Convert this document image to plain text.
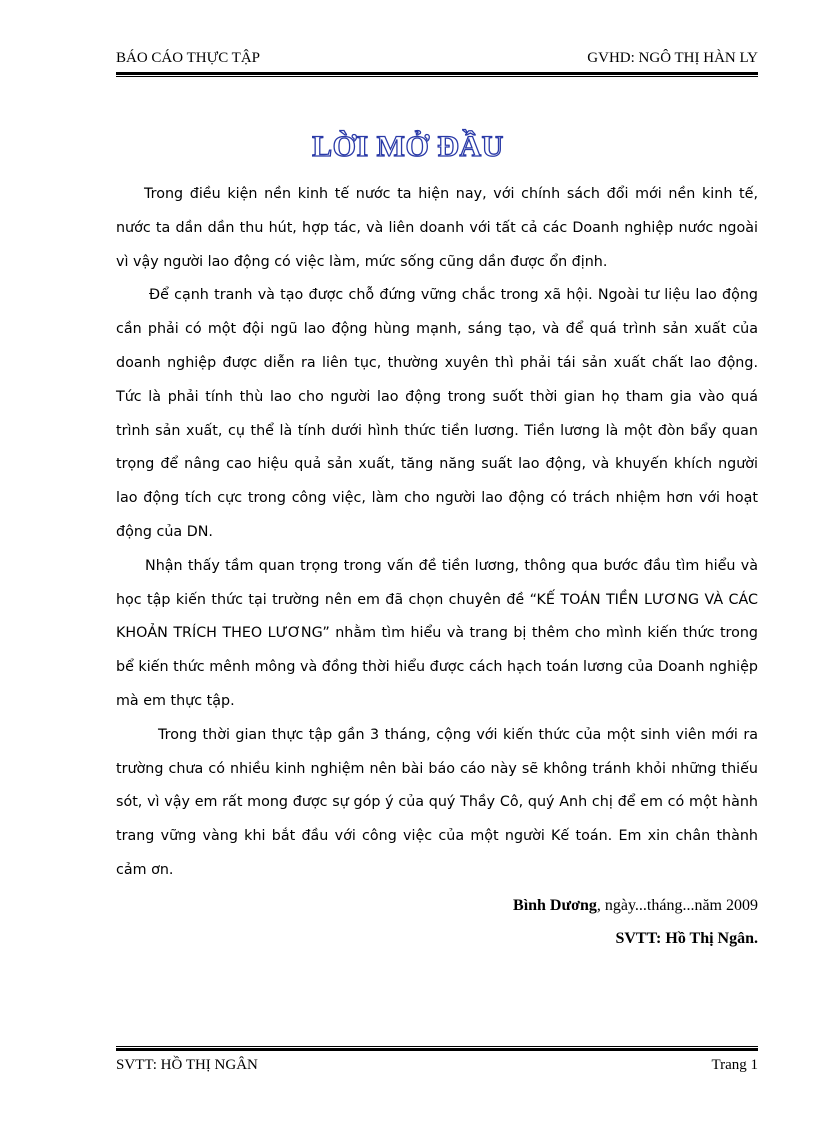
BÁO CÁO THỰC TẬP	GVHD: NGÔ THỊ HÀN LY
LỜI MỞ ĐẦU

Trong điều kiện nền kinh tế nước ta hiện nay, với chính sách đổi mới nền kinh tế, nước ta dần dần thu hút, hợp tác, và liên doanh với tất cả các Doanh nghiệp nước ngoài vì vậy người lao động có việc làm, mức sống cũng dần được ổn định.

Để cạnh tranh và tạo được chỗ đứng vững chắc trong xã hội. Ngoài tư liệu lao động cần phải có một đội ngũ lao động hùng mạnh, sáng tạo, và để quá trình sản xuất của doanh nghiệp được diễn ra liên tục, thường xuyên thì phải tái sản xuất chất lao động. Tức là phải tính thù lao cho người lao động trong suốt thời gian họ tham gia vào quá trình sản xuất, cụ thể là tính dưới hình thức tiền lương. Tiền lương là một đòn bẩy quan trọng để nâng cao hiệu quả sản xuất, tăng năng suất lao động, và khuyến khích người lao động tích cực trong công việc, làm cho người lao động có trách nhiệm hơn với hoạt động của DN.

Nhận thấy tầm quan trọng trong vấn đề tiền lương, thông qua bước đầu tìm hiểu và học tập kiến thức tại trường nên em đã chọn chuyên đề “KẾ TOÁN TIỀN LƯƠNG VÀ CÁC KHOẢN TRÍCH THEO LƯƠNG” nhằm tìm hiểu và trang bị thêm cho mình kiến thức trong bể kiến thức mênh mông và đồng thời hiểu được cách hạch toán lương của Doanh nghiệp mà em thực tập.

Trong thời gian thực tập gần 3 tháng, cộng với kiến thức của một sinh viên mới ra trường chưa có nhiều kinh nghiệm nên bài báo cáo này sẽ không tránh khỏi những thiếu sót, vì vậy em rất mong được sự góp ý của quý Thầy Cô, quý Anh chị để em có một hành trang vững vàng khi bắt đầu với công việc của một người Kế toán. Em xin chân thành cảm ơn.

Bình Dương, ngày...tháng...năm 2009
SVTT: Hồ Thị Ngân.
SVTT: HỒ THỊ NGÂN	Trang 1
